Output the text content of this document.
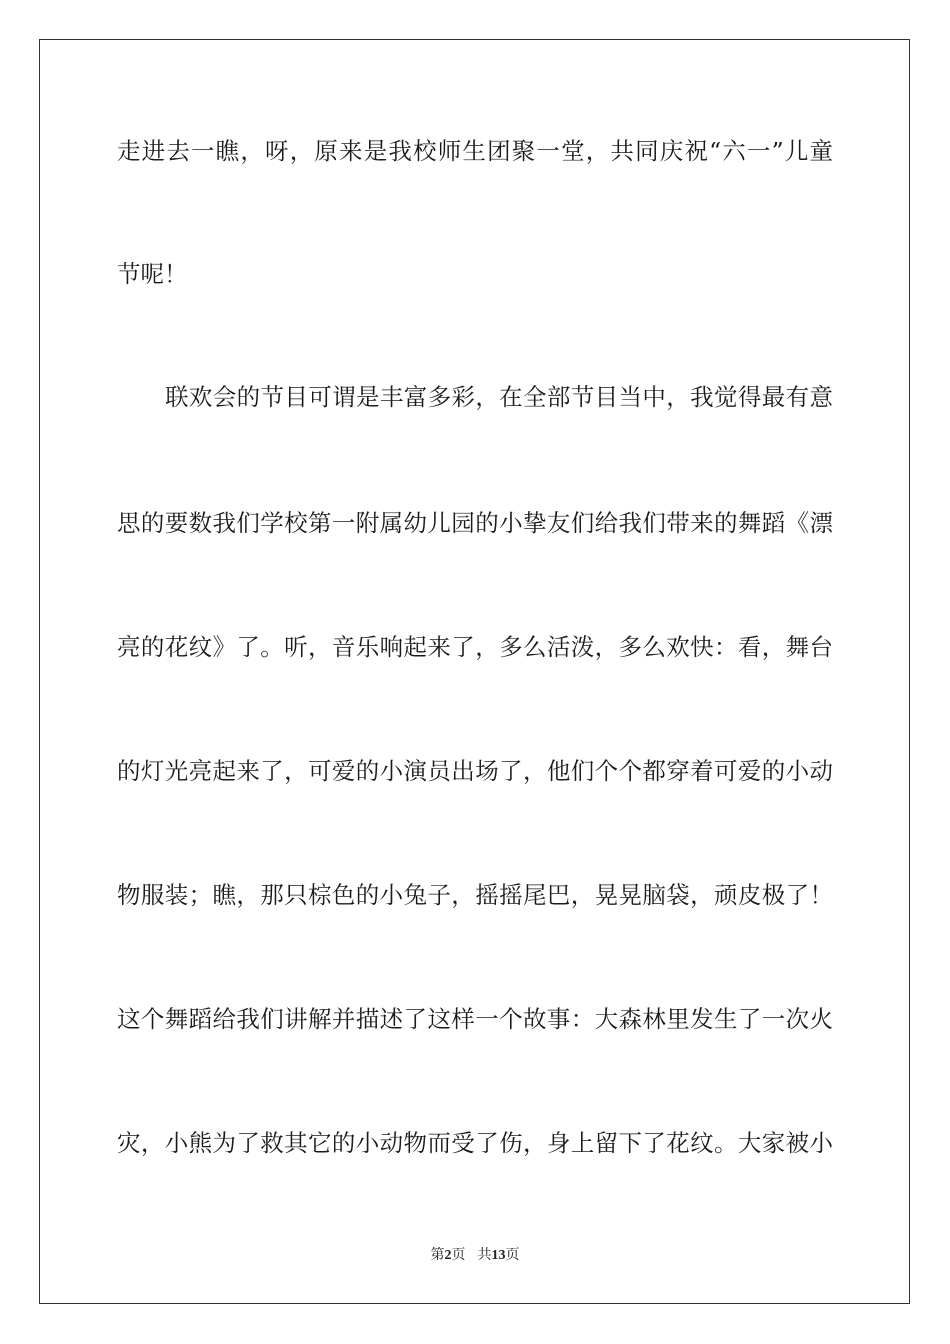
走进去一瞧，呀，原来是我校师生团聚一堂，共同庆祝“六一”儿童
节呢！
联欢会的节目可谓是丰富多彩，在全部节目当中，我觉得最有意
思的要数我们学校第一附属幼儿园的小挚友们给我们带来的舞蹈《漂
亮的花纹》了。听，音乐响起来了，多么活泼，多么欢快：看，舞台
的灯光亮起来了，可爱的小演员出场了，他们个个都穿着可爱的小动
物服装；瞧，那只棕色的小兔子，摇摇尾巴，晃晃脑袋，顽皮极了！
这个舞蹈给我们讲解并描述了这样一个故事：大森林里发生了一次火
灾，小熊为了救其它的小动物而受了伤，身上留下了花纹。大家被小
第2页 共13页
